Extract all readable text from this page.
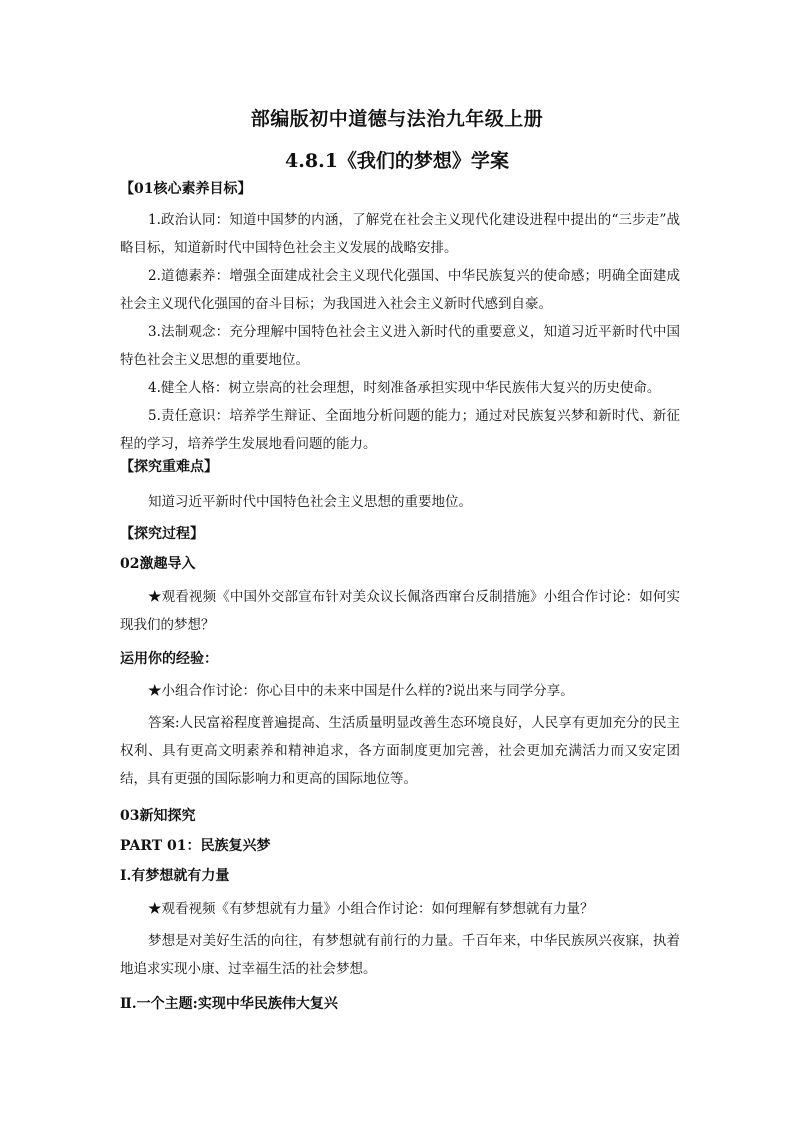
部编版初中道德与法治九年级上册
4.8.1《我们的梦想》学案
【01核心素养目标】

1.政治认同：知道中国梦的内涵，了解党在社会主义现代化建设进程中提出的“三步走”战略目标，知道新时代中国特色社会主义发展的战略安排。

2.道德素养：增强全面建成社会主义现代化强国、中华民族复兴的使命感；明确全面建成社会主义现代化强国的奋斗目标；为我国进入社会主义新时代感到自豪。

3.法制观念：充分理解中国特色社会主义进入新时代的重要意义，知道习近平新时代中国特色社会主义思想的重要地位。

4.健全人格：树立崇高的社会理想，时刻准备承担实现中华民族伟大复兴的历史使命。

5.责任意识：培养学生辩证、全面地分析问题的能力；通过对民族复兴梦和新时代、新征程的学习，培养学生发展地看问题的能力。

【探究重难点】

知道习近平新时代中国特色社会主义思想的重要地位。

【探究过程】
02激趣导入

★观看视频《中国外交部宣布针对美众议长佩洛西窜台反制措施》小组合作讨论：如何实现我们的梦想？

运用你的经验：

★小组合作讨论：你心目中的未来中国是什么样的?说出来与同学分享。

答案:人民富裕程度普遍提高、生活质量明显改善生态环境良好，人民享有更加充分的民主权利、具有更高文明素养和精神追求，各方面制度更加完善，社会更加充满活力而又安定团结，具有更强的国际影响力和更高的国际地位等。

03新知探究
PART 01：民族复兴梦
Ⅰ.有梦想就有力量

★观看视频《有梦想就有力量》小组合作讨论：如何理解有梦想就有力量？

梦想是对美好生活的向往，有梦想就有前行的力量。千百年来，中华民族夙兴夜寐，执着地追求实现小康、过幸福生活的社会梦想。

Ⅱ.一个主题:实现中华民族伟大复兴
